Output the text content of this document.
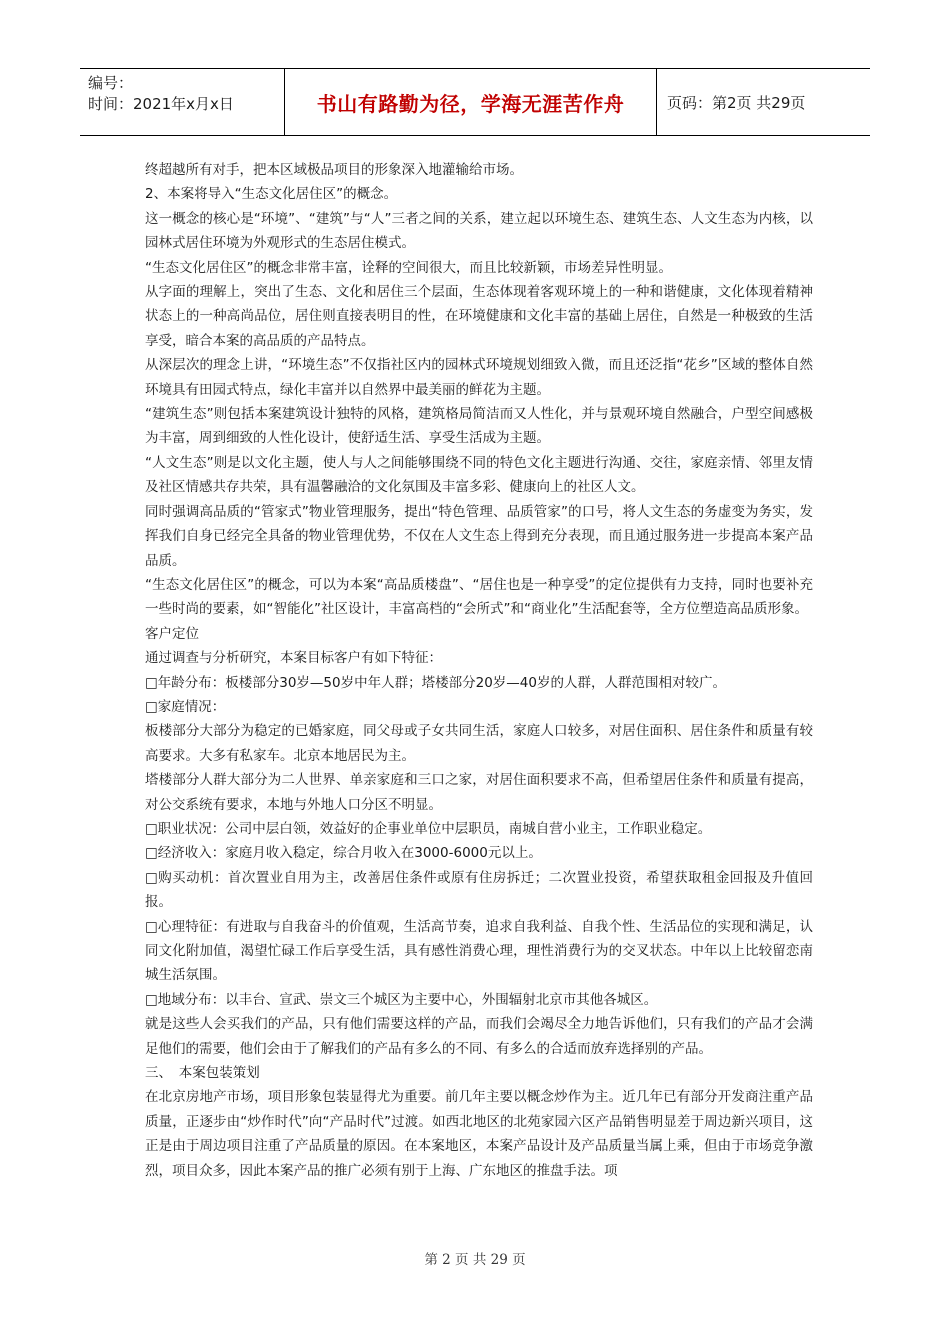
编号：
时间：2021年x月x日	书山有路勤为径，学海无涯苦作舟	页码：第2页 共29页

终超越所有对手，把本区域极品项目的形象深入地灌输给市场。

2、本案将导入“生态文化居住区”的概念。

这一概念的核心是“环境”、“建筑”与“人”三者之间的关系，建立起以环境生态、建筑生态、人文生态为内核，以园林式居住环境为外观形式的生态居住模式。

“生态文化居住区”的概念非常丰富，诠释的空间很大，而且比较新颖，市场差异性明显。

从字面的理解上，突出了生态、文化和居住三个层面，生态体现着客观环境上的一种和谐健康，文化体现着精神状态上的一种高尚品位，居住则直接表明目的性，在环境健康和文化丰富的基础上居住，自然是一种极致的生活享受，暗合本案的高品质的产品特点。

从深层次的理念上讲，“环境生态”不仅指社区内的园林式环境规划细致入微，而且还泛指“花乡”区域的整体自然环境具有田园式特点，绿化丰富并以自然界中最美丽的鲜花为主题。

“建筑生态”则包括本案建筑设计独特的风格，建筑格局简洁而又人性化，并与景观环境自然融合，户型空间感极为丰富，周到细致的人性化设计，使舒适生活、享受生活成为主题。

“人文生态”则是以文化主题，使人与人之间能够围绕不同的特色文化主题进行沟通、交往，家庭亲情、邻里友情及社区情感共存共荣，具有温馨融洽的文化氛围及丰富多彩、健康向上的社区人文。

同时强调高品质的“管家式”物业管理服务，提出“特色管理、品质管家”的口号，将人文生态的务虚变为务实，发挥我们自身已经完全具备的物业管理优势，不仅在人文生态上得到充分表现，而且通过服务进一步提高本案产品品质。

“生态文化居住区”的概念，可以为本案“高品质楼盘”、“居住也是一种享受”的定位提供有力支持，同时也要补充一些时尚的要素，如“智能化”社区设计，丰富高档的“会所式”和“商业化”生活配套等，全方位塑造高品质形象。

客户定位

通过调查与分析研究，本案目标客户有如下特征：

□年龄分布：板楼部分30岁—50岁中年人群；塔楼部分20岁—40岁的人群，人群范围相对较广。

□家庭情况：

板楼部分大部分为稳定的已婚家庭，同父母或子女共同生活，家庭人口较多，对居住面积、居住条件和质量有较高要求。大多有私家车。北京本地居民为主。

塔楼部分人群大部分为二人世界、单亲家庭和三口之家，对居住面积要求不高，但希望居住条件和质量有提高，对公交系统有要求，本地与外地人口分区不明显。

□职业状况：公司中层白领，效益好的企事业单位中层职员，南城自营小业主，工作职业稳定。

□经济收入：家庭月收入稳定，综合月收入在3000-6000元以上。

□购买动机：首次置业自用为主，改善居住条件或原有住房拆迁；二次置业投资，希望获取租金回报及升值回报。

□心理特征：有进取与自我奋斗的价值观，生活高节奏，追求自我利益、自我个性、生活品位的实现和满足，认同文化附加值，渴望忙碌工作后享受生活，具有感性消费心理，理性消费行为的交叉状态。中年以上比较留恋南城生活氛围。

□地域分布：以丰台、宣武、崇文三个城区为主要中心，外围辐射北京市其他各城区。

就是这些人会买我们的产品，只有他们需要这样的产品，而我们会竭尽全力地告诉他们，只有我们的产品才会满足他们的需要，他们会由于了解我们的产品有多么的不同、有多么的合适而放弃选择别的产品。

三、　本案包装策划

在北京房地产市场，项目形象包装显得尤为重要。前几年主要以概念炒作为主。近几年已有部分开发商注重产品质量，正逐步由“炒作时代”向“产品时代”过渡。如西北地区的北苑家园六区产品销售明显差于周边新兴项目，这正是由于周边项目注重了产品质量的原因。在本案地区，本案产品设计及产品质量当属上乘，但由于市场竞争激烈，项目众多，因此本案产品的推广必须有别于上海、广东地区的推盘手法。项

第 2 页 共 29 页
